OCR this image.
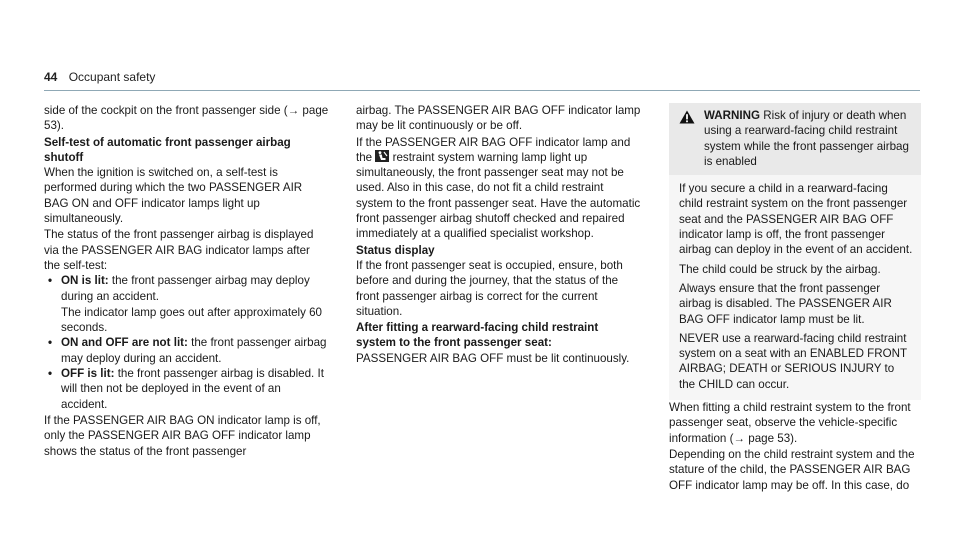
44 Occupant safety

side of the cockpit on the front passenger side (→ page 53).

Self-test of automatic front passenger airbag shutoff

When the ignition is switched on, a self-test is performed during which the two PASSENGER AIR BAG ON and OFF indicator lamps light up simultaneously.

The status of the front passenger airbag is displayed via the PASSENGER AIR BAG indicator lamps after the self-test:

• ON is lit: the front passenger airbag may deploy during an accident.

The indicator lamp goes out after approximately 60 seconds.

• ON and OFF are not lit: the front passenger airbag may deploy during an accident.
• OFF is lit: the front passenger airbag is disabled. It will then not be deployed in the event of an accident.

If the PASSENGER AIR BAG ON indicator lamp is off, only the PASSENGER AIR BAG OFF indicator lamp shows the status of the front passenger

airbag. The PASSENGER AIR BAG OFF indicator lamp may be lit continuously or be off.

If the PASSENGER AIR BAG OFF indicator lamp and the restraint system warning lamp light up simultaneously, the front passenger seat may not be used. Also in this case, do not fit a child restraint system to the front passenger seat. Have the automatic front passenger airbag shutoff checked and repaired immediately at a qualified specialist workshop.

Status display

If the front passenger seat is occupied, ensure, both before and during the journey, that the status of the front passenger airbag is correct for the current situation.

After fitting a rearward-facing child restraint system to the front passenger seat:

PASSENGER AIR BAG OFF must be lit continuously.

WARNING Risk of injury or death when using a rearward-facing child restraint system while the front passenger airbag is enabled

If you secure a child in a rearward-facing child restraint system on the front passenger seat and the PASSENGER AIR BAG OFF indicator lamp is off, the front passenger airbag can deploy in the event of an accident.

The child could be struck by the airbag.

Always ensure that the front passenger airbag is disabled. The PASSENGER AIR BAG OFF indicator lamp must be lit.

NEVER use a rearward-facing child restraint system on a seat with an ENABLED FRONT AIRBAG; DEATH or SERIOUS INJURY to the CHILD can occur.

When fitting a child restraint system to the front passenger seat, observe the vehicle-specific information (→ page 53).

Depending on the child restraint system and the stature of the child, the PASSENGER AIR BAG OFF indicator lamp may be off. In this case, do
